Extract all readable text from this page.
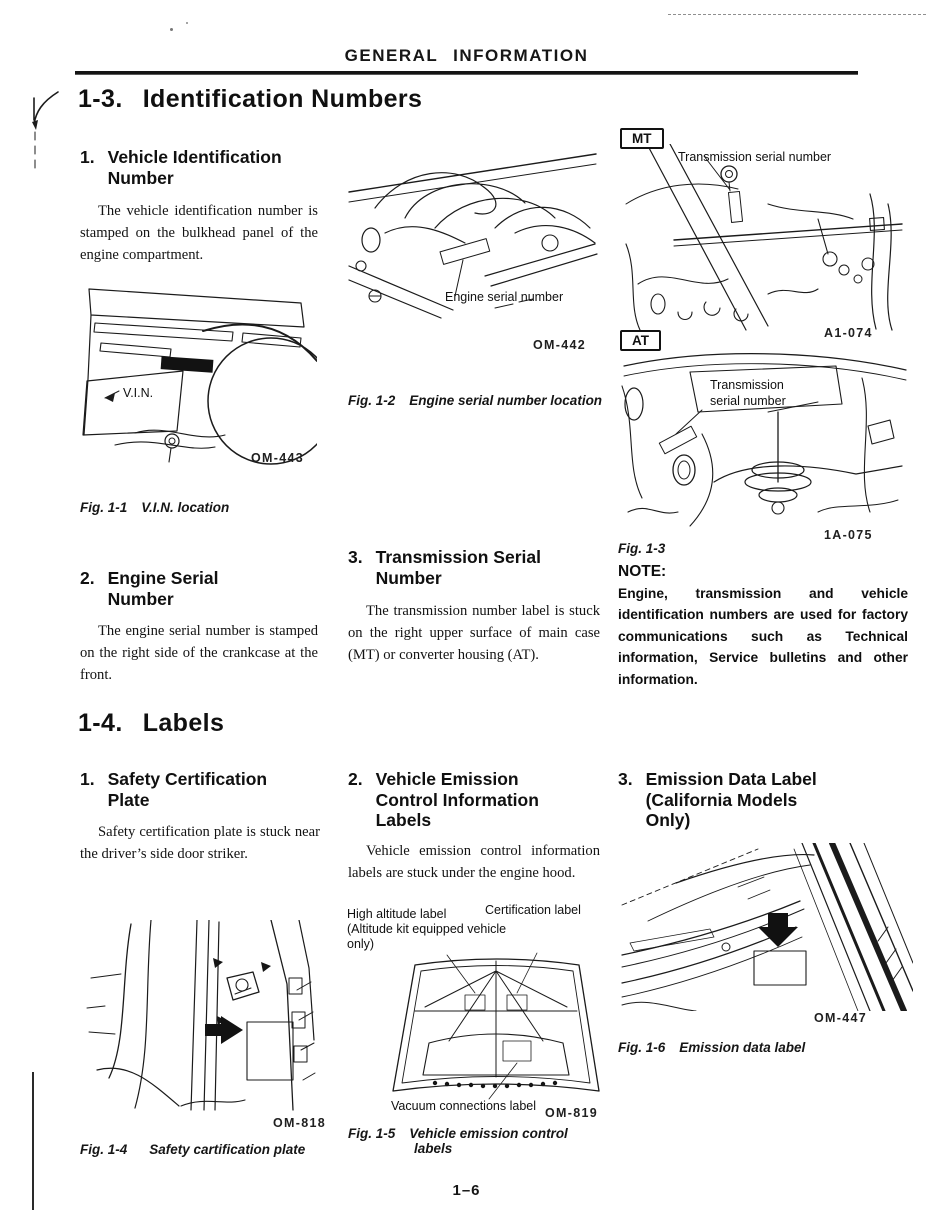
GENERAL INFORMATION
1-3. Identification Numbers
1. Vehicle Identification Number

The vehicle identification number is stamped on the bulkhead panel of the engine compartment.

V.I.N.
OM-443
Fig. 1-1 V.I.N. location
2. Engine Serial Number

The engine serial number is stamped on the right side of the crankcase at the front.

Engine serial number
OM-442
Fig. 1-2 Engine serial number location
3. Transmission Serial Number

The transmission number label is stuck on the right upper surface of main case (MT) or converter housing (AT).

MT
Transmission serial number
A1-074
AT
Transmission
serial number
1A-075
Fig. 1-3
NOTE:

Engine, transmission and vehicle identification numbers are used for factory communications such as Technical information, Service bulletins and other information.

1-4. Labels
1. Safety Certification Plate

Safety certification plate is stuck near the driver’s side door striker.

OM-818
Fig. 1-4 Safety cartification plate
2. Vehicle Emission Control Information Labels

Vehicle emission control information labels are stuck under the engine hood.

High altitude label
(Altitude kit equipped vehicle
only)
Certification label
Vacuum connections label OM-819
Fig. 1-5 Vehicle emission control
labels
3. Emission Data Label (California Models Only)
OM-447
Fig. 1-6 Emission data label
1–6
